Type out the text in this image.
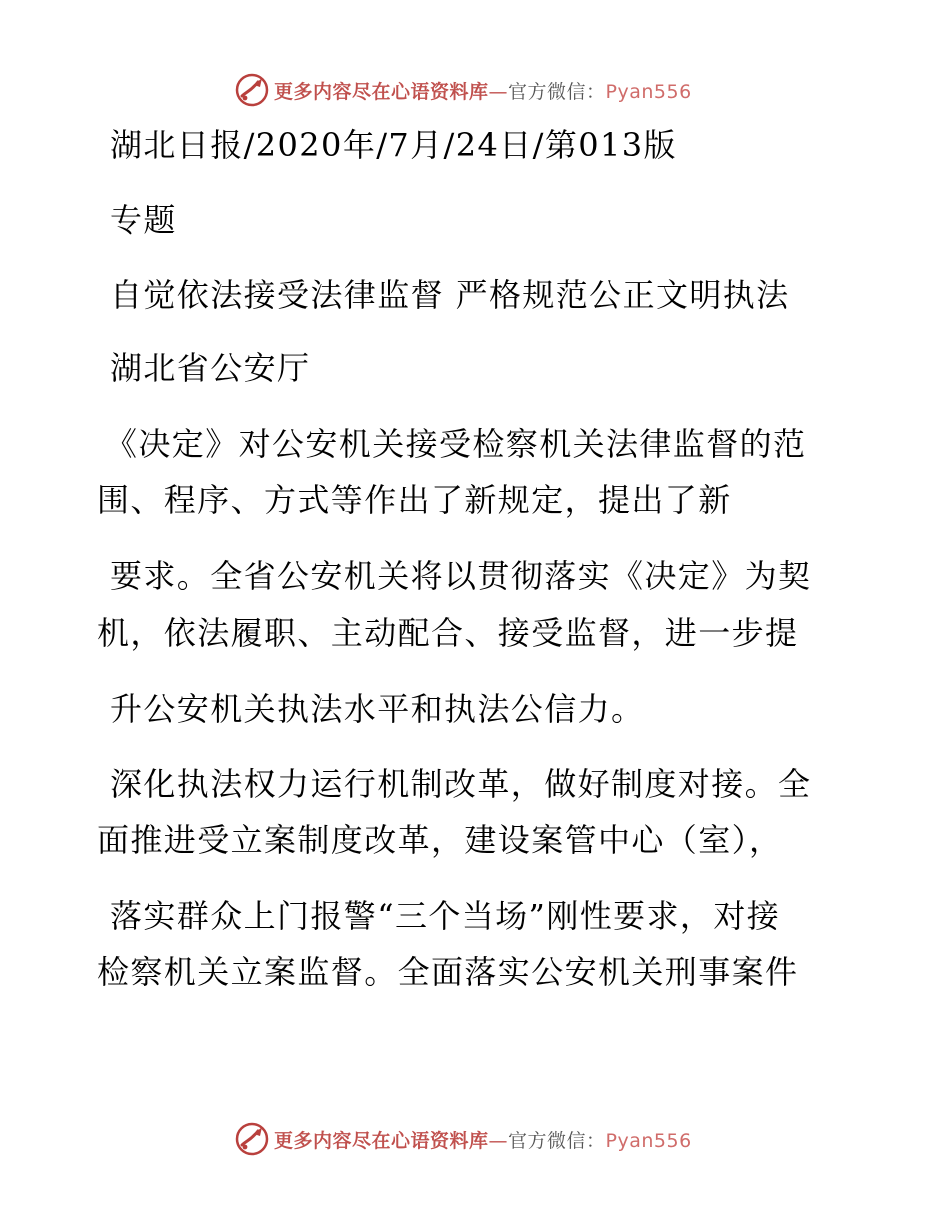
更多内容尽在心语资料库—官方微信：Pyan556
湖北日报/2020年/7月/24日/第013版
专题
自觉依法接受法律监督 严格规范公正文明执法
湖北省公安厅
《决定》对公安机关接受检察机关法律监督的范
围、程序、方式等作出了新规定，提出了新
要求。全省公安机关将以贯彻落实《决定》为契
机，依法履职、主动配合、接受监督，进一步提
升公安机关执法水平和执法公信力。
深化执法权力运行机制改革，做好制度对接。全
面推进受立案制度改革，建设案管中心（室），
落实群众上门报警“三个当场”刚性要求，对接
检察机关立案监督。全面落实公安机关刑事案件
更多内容尽在心语资料库—官方微信：Pyan556
